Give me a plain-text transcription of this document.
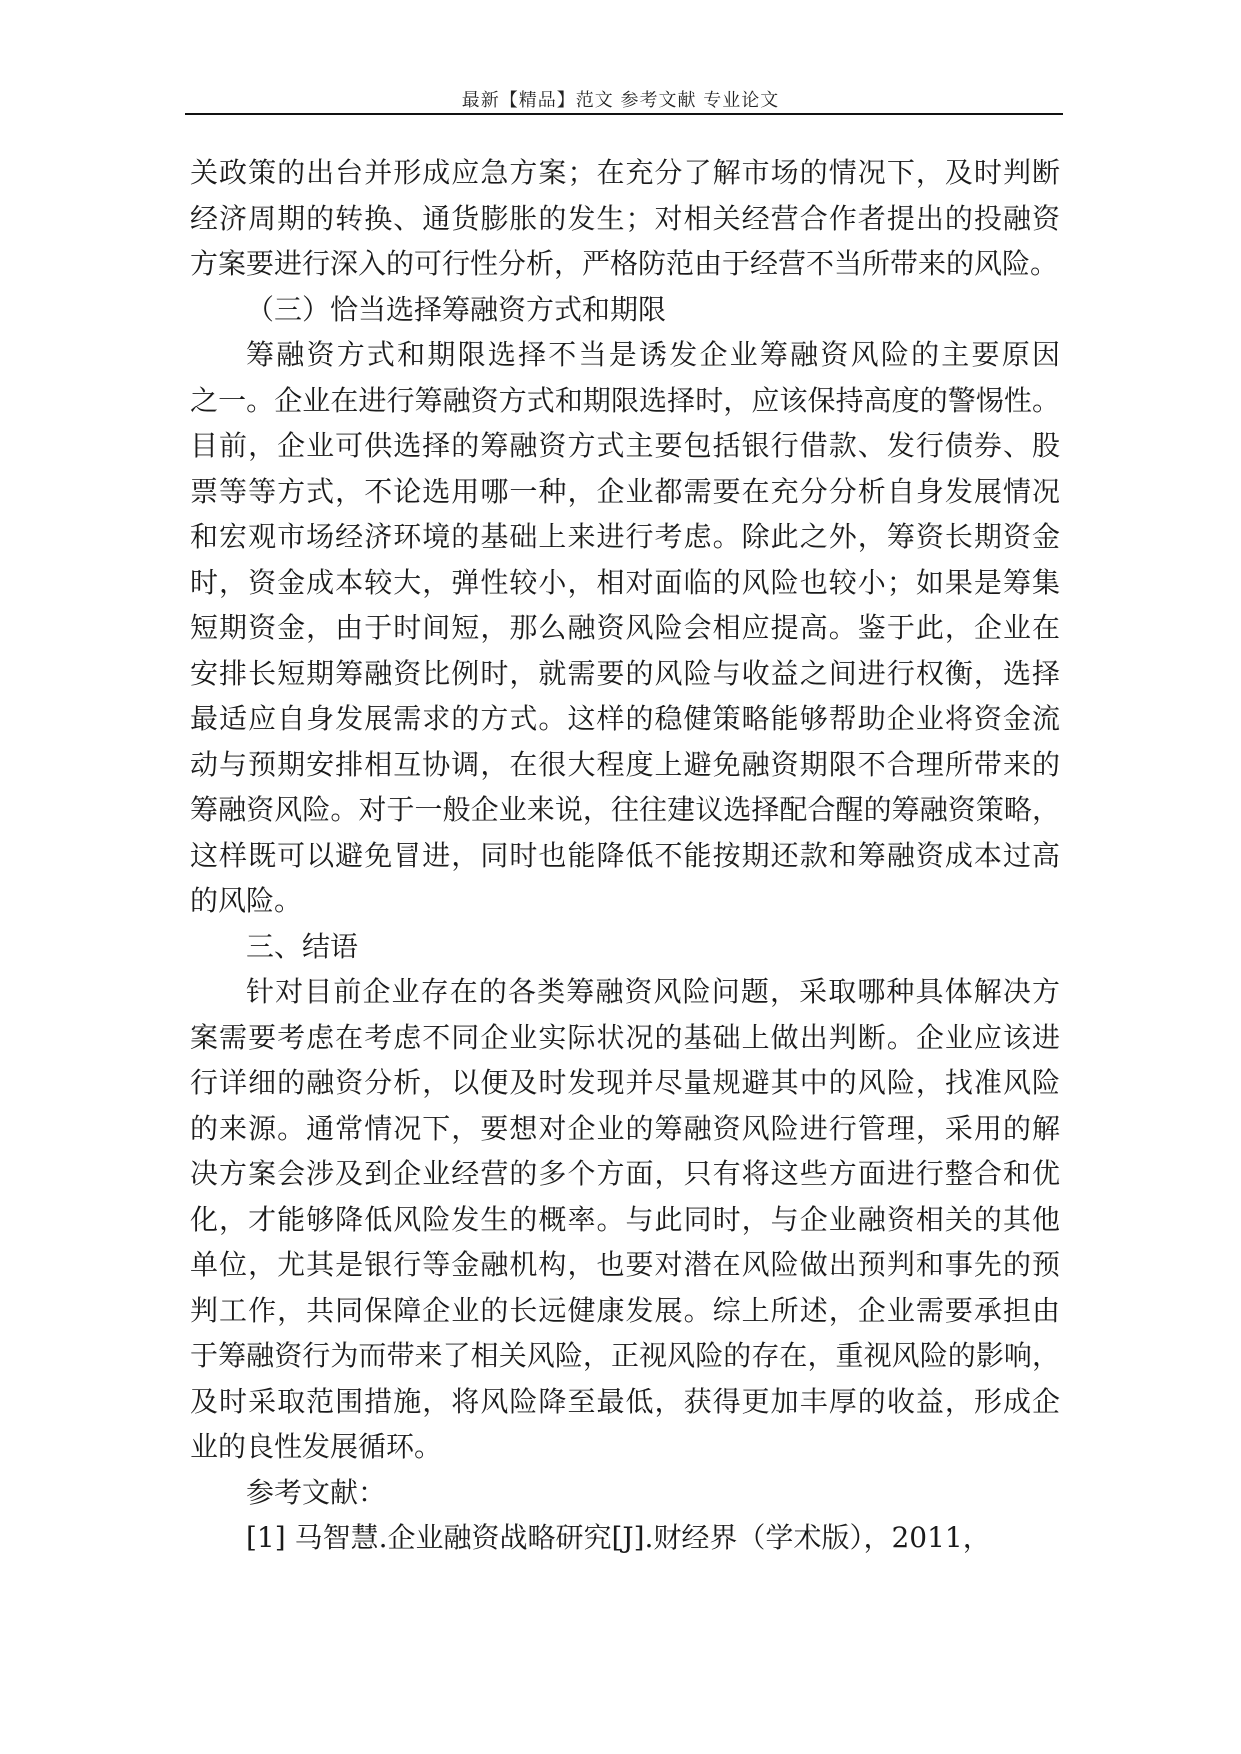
最新【精品】范文 参考文献 专业论文
关政策的出台并形成应急方案；在充分了解市场的情况下，及时判断
经济周期的转换、通货膨胀的发生；对相关经营合作者提出的投融资
方案要进行深入的可行性分析，严格防范由于经营不当所带来的风险。
（三）恰当选择筹融资方式和期限
筹融资方式和期限选择不当是诱发企业筹融资风险的主要原因
之一。企业在进行筹融资方式和期限选择时，应该保持高度的警惕性。
目前，企业可供选择的筹融资方式主要包括银行借款、发行债券、股
票等等方式，不论选用哪一种，企业都需要在充分分析自身发展情况
和宏观市场经济环境的基础上来进行考虑。除此之外，筹资长期资金
时，资金成本较大，弹性较小，相对面临的风险也较小；如果是筹集
短期资金，由于时间短，那么融资风险会相应提高。鉴于此，企业在
安排长短期筹融资比例时，就需要的风险与收益之间进行权衡，选择
最适应自身发展需求的方式。这样的稳健策略能够帮助企业将资金流
动与预期安排相互协调，在很大程度上避免融资期限不合理所带来的
筹融资风险。对于一般企业来说，往往建议选择配合醒的筹融资策略，
这样既可以避免冒进，同时也能降低不能按期还款和筹融资成本过高
的风险。
三、结语
针对目前企业存在的各类筹融资风险问题，采取哪种具体解决方
案需要考虑在考虑不同企业实际状况的基础上做出判断。企业应该进
行详细的融资分析，以便及时发现并尽量规避其中的风险，找准风险
的来源。通常情况下，要想对企业的筹融资风险进行管理，采用的解
决方案会涉及到企业经营的多个方面，只有将这些方面进行整合和优
化，才能够降低风险发生的概率。与此同时，与企业融资相关的其他
单位，尤其是银行等金融机构，也要对潜在风险做出预判和事先的预
判工作，共同保障企业的长远健康发展。综上所述，企业需要承担由
于筹融资行为而带来了相关风险，正视风险的存在，重视风险的影响，
及时采取范围措施，将风险降至最低，获得更加丰厚的收益，形成企
业的良性发展循环。
参考文献：
[1] 马智慧.企业融资战略研究[J].财经界（学术版），2011，
